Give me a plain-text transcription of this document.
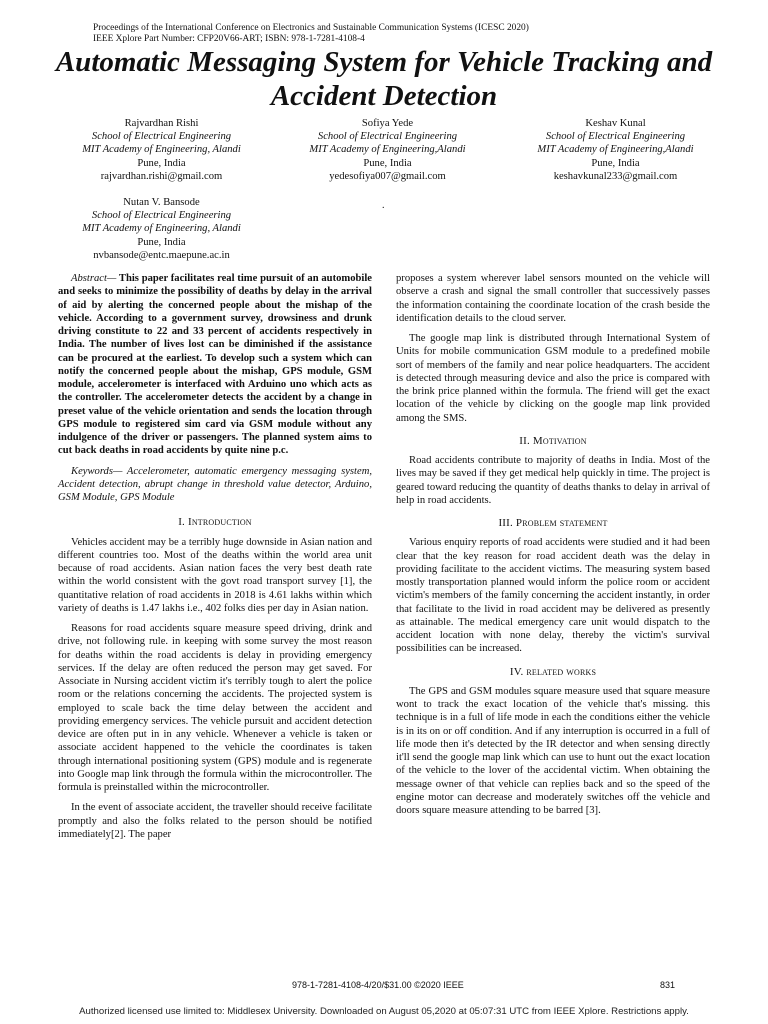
Proceedings of the International Conference on Electronics and Sustainable Communication Systems (ICESC 2020)
IEEE Xplore Part Number: CFP20V66-ART; ISBN: 978-1-7281-4108-4
Automatic Messaging System for Vehicle Tracking and Accident Detection
Rajvardhan Rishi
School of Electrical Engineering
MIT Academy of Engineering, Alandi
Pune, India
rajvardhan.rishi@gmail.com
Sofiya Yede
School of Electrical Engineering
MIT Academy of Engineering,Alandi
Pune, India
yedesofiya007@gmail.com
Keshav Kunal
School of Electrical Engineering
MIT Academy of Engineering,Alandi
Pune, India
keshavkunal233@gmail.com
Nutan V. Bansode
School of Electrical Engineering
MIT Academy of Engineering, Alandi
Pune, India
nvbansode@entc.maepune.ac.in
.

Abstract— This paper facilitates real time pursuit of an automobile and seeks to minimize the possibility of deaths by delay in the arrival of aid by alerting the concerned people about the mishap of the vehicle. According to a government survey, drowsiness and drunk driving constitute to 22 and 33 percent of accidents respectively in India. The number of lives lost can be diminished if the assistance can be procured at the earliest. To develop such a system which can notify the concerned people about the mishap, GPS module, GSM module, accelerometer is interfaced with Arduino uno which acts as the controller. The accelerometer detects the accident by a change in preset value of the vehicle orientation and sends the location through GPS module to registered sim card via GSM module without any indulgence of the driver or passengers. The planned system aims to cut back deaths in road accidents by quite nine p.c.

Keywords— Accelerometer, automatic emergency messaging system, Accident detection, abrupt change in threshold value detector, Arduino, GSM Module, GPS Module

I. Introduction

Vehicles accident may be a terribly huge downside in Asian nation and different countries too. Most of the deaths within the world area unit because of road accidents. Asian nation faces the very best death rate within the world consistent with the govt road transport survey [1], the quantitative relation of road accidents in 2018 is 4.61 lakhs within which variety of deaths is 1.47 lakhs i.e., 402 folks dies per day in Asian nation.

Reasons for road accidents square measure speed driving, drink and drive, not following rule. in keeping with some survey the most reason for deaths within the road accidents is delay in providing emergency services. If the delay are often reduced the person may get saved. For Associate in Nursing accident victim it's terribly tough to alert the police room or the relations concerning the accidents. The projected system is employed to scale back the time delay between the accident and providing emergency services. The vehicle pursuit and accident detection device are often put in in any vehicle. Whenever a vehicle is taken or associate accident happened to the vehicle the coordinates is taken through international positioning system (GPS) module and is regenerate into Google map link through the formula within the microcontroller. The formula is preinstalled within the microcontroller.

In the event of associate accident, the traveller should receive facilitate promptly and also the folks related to the person should be notified immediately[2]. The paper

proposes a system wherever label sensors mounted on the vehicle will observe a crash and signal the small controller that successively passes the information containing the coordinate location of the crash beside the identification details to the cloud server.

The google map link is distributed through International System of Units for mobile communication GSM module to a predefined mobile sort of members of the family and near police headquarters. The accident is detected through measuring device and also the price is compared with the brink price planned within the formula. The friend will get the exact location of the vehicle by clicking on the google map link provided among the SMS.

II. Motivation

Road accidents contribute to majority of deaths in India. Most of the lives may be saved if they get medical help quickly in time. The project is geared toward reducing the quantity of deaths thanks to delay in arrival of help in road accidents.

III. Problem statement

Various enquiry reports of road accidents were studied and it had been clear that the key reason for road accident death was the delay in providing facilitate to the accident victims. The measuring system based mostly transportation planned would inform the police room or accident victim's members of the family concerning the accident instantly, in order that facilitate to the livid in road accident may be delivered as presently as attainable. The medical emergency care unit would dispatch to the accident location with none delay, thereby the victim's survival possibilities can be increased.

IV. related works

The GPS and GSM modules square measure used that square measure wont to track the exact location of the vehicle that's missing. this technique is in a full of life mode in each the conditions either the vehicle is in its on or off condition. And if any interruption is occurred in a full of life mode then it's detected by the IR detector and when sensing directly it'll send the google map link which can use to hunt out the exact location of the vehicle to the lover of the accidental victim. When obtaining the message owner of that vehicle can replies back and so the speed of the engine motor can decrease and moderately switches off the vehicle and doors square measure attending to be barred [3].

978-1-7281-4108-4/20/$31.00 ©2020 IEEE	831
Authorized licensed use limited to: Middlesex University. Downloaded on August 05,2020 at 05:07:31 UTC from IEEE Xplore. Restrictions apply.
